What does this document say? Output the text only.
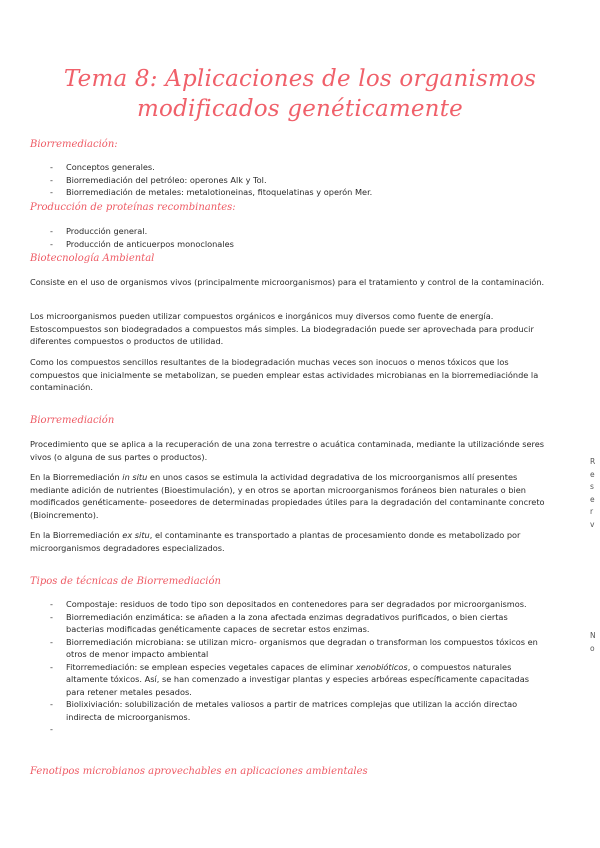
Tema 8: Aplicaciones de los organismos modificados genéticamente
Biorremediación:
- Conceptos generales.
- Biorremediación del petróleo: operones Alk y Tol.
- Biorremediación de metales: metalotioneinas, fitoquelatinas y operón Mer.
Producción de proteínas recombinantes:
- Producción general.
- Producción de anticuerpos monoclonales
Biotecnología Ambiental
Consiste en el uso de organismos vivos (principalmente microorganismos) para el tratamiento y control de la contaminación.
Los microorganismos pueden utilizar compuestos orgánicos e inorgánicos muy diversos como fuente de energía. Estoscompuestos son biodegradados a compuestos más simples. La biodegradación puede ser aprovechada para producir diferentes compuestos o productos de utilidad.
Como los compuestos sencillos resultantes de la biodegradación muchas veces son inocuos o menos tóxicos que los compuestos que inicialmente se metabolizan, se pueden emplear estas actividades microbianas en la biorremediaciónde la contaminación.
Biorremediación
Procedimiento que se aplica a la recuperación de una zona terrestre o acuática contaminada, mediante la utilizaciónde seres vivos (o alguna de sus partes o productos).
En la Biorremediación in situ en unos casos se estimula la actividad degradativa de los microorganismos allí presentes mediante adición de nutrientes (Bioestimulación), y en otros se aportan microorganismos foráneos bien naturales o bien modificados genéticamente- poseedores de determinadas propiedades útiles para la degradación del contaminante concreto (Bioincremento).
En la Biorremediación ex situ, el contaminante es transportado a plantas de procesamiento donde es metabolizado por microorganismos degradadores especializados.
Tipos de técnicas de Biorremediación
- Compostaje: residuos de todo tipo son depositados en contenedores para ser degradados por microorganismos.
- Biorremediación enzimática: se añaden a la zona afectada enzimas degradativos purificados, o bien ciertas bacterias modificadas genéticamente capaces de secretar estos enzimas.
- Biorremediación microbiana: se utilizan micro- organismos que degradan o transforman los compuestos tóxicos en otros de menor impacto ambiental
- Fitorremediación: se emplean especies vegetales capaces de eliminar xenobióticos, o compuestos naturales altamente tóxicos. Así, se han comenzado a investigar plantas y especies arbóreas específicamente capacitadas para retener metales pesados.
- Biolixiviación: solubilización de metales valiosos a partir de matrices complejas que utilizan la acción directao indirecta de microorganismos.
-
Fenotipos microbianos aprovechables en aplicaciones ambientales
R
e
s
e
r
v
N
o
